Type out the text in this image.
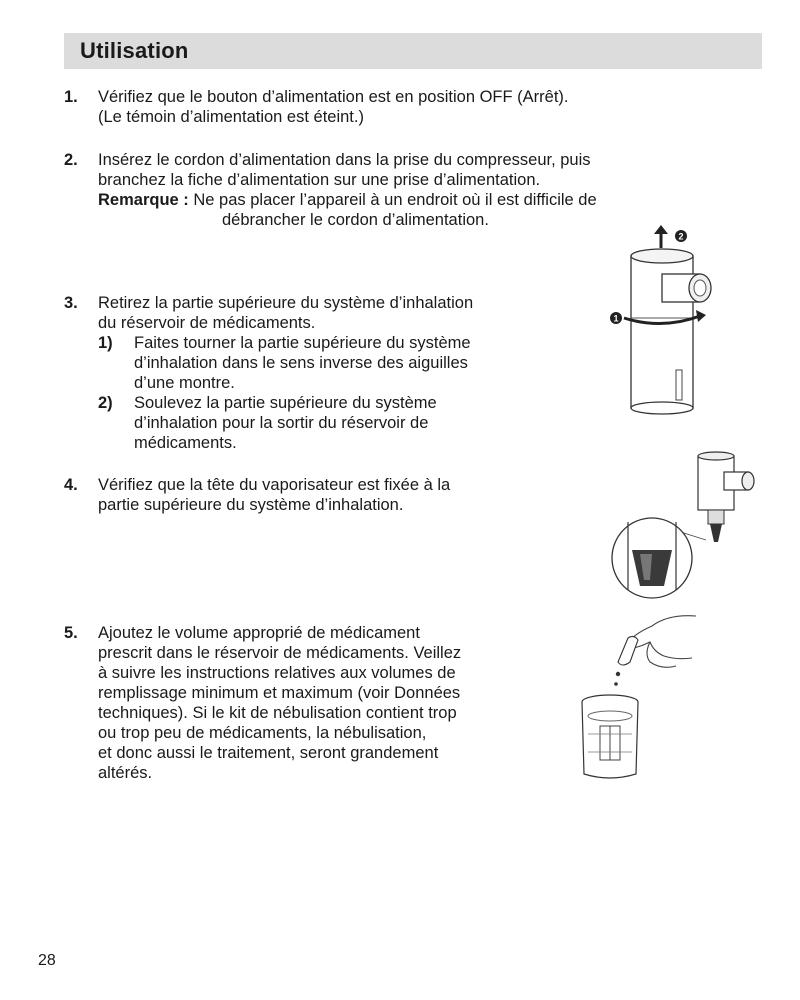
Utilisation
1. Vérifiez que le bouton d’alimentation est en position OFF (Arrêt).
(Le témoin d’alimentation est éteint.)
2. Insérez le cordon d’alimentation dans la prise du compresseur, puis
branchez la fiche d’alimentation sur une prise d’alimentation.
Remarque : Ne pas placer l’appareil à un endroit où il est difficile de
débrancher le cordon d’alimentation.
3. Retirez la partie supérieure du système d’inhalation
du réservoir de médicaments.
1) Faites tourner la partie supérieure du système
d’inhalation dans le sens inverse des aiguilles
d’une montre.
2) Soulevez la partie supérieure du système
d’inhalation pour la sortir du réservoir de
médicaments.
4. Vérifiez que la tête du vaporisateur est fixée à la
partie supérieure du système d’inhalation.
5. Ajoutez le volume approprié de médicament
prescrit dans le réservoir de médicaments. Veillez
à suivre les instructions relatives aux volumes de
remplissage minimum et maximum (voir Données
techniques). Si le kit de nébulisation contient trop
ou trop peu de médicaments, la nébulisation,
et donc aussi le traitement, seront grandement
altérés.
2
1
28
